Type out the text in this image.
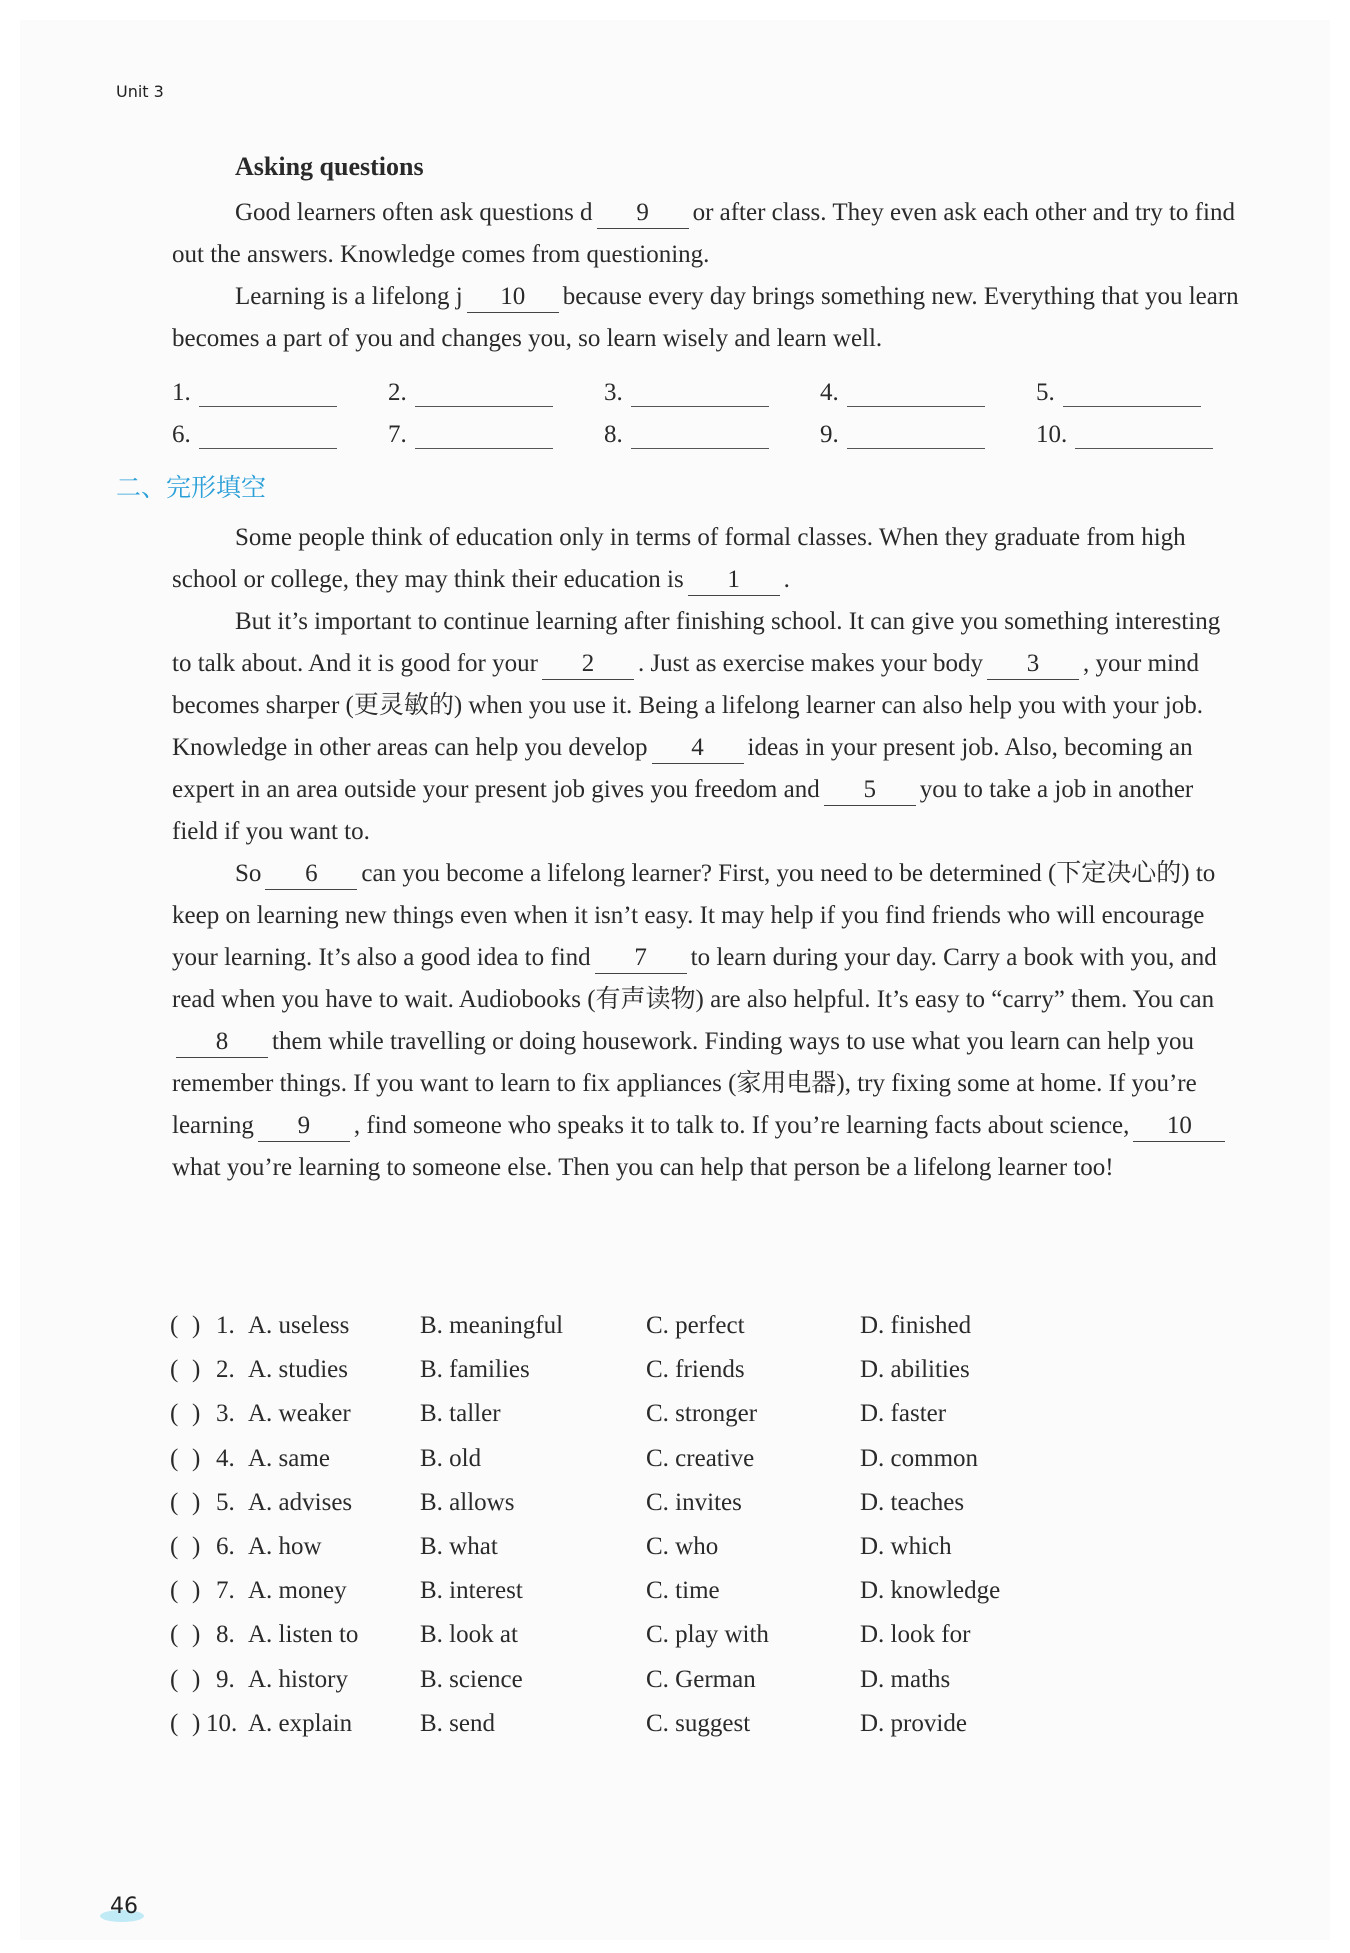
Unit 3
Asking questions

Good learners often ask questions d 9 or after class. They even ask each other and try to find out the answers. Knowledge comes from questioning.

Learning is a lifelong j 10 because every day brings something new. Everything that you learn becomes a part of you and changes you, so learn wisely and learn well.

1.	2.	3.	4.	5.
6.	7.	8.	9.	10.
二、完形填空

Some people think of education only in terms of formal classes. When they graduate from high school or college, they may think their education is 1 .

But it’s important to continue learning after finishing school. It can give you something interesting to talk about. And it is good for your 2 . Just as exercise makes your body 3 , your mind becomes sharper (更灵敏的) when you use it. Being a lifelong learner can also help you with your job. Knowledge in other areas can help you develop 4 ideas in your present job. Also, becoming an expert in an area outside your present job gives you freedom and 5 you to take a job in another field if you want to.

So 6 can you become a lifelong learner? First, you need to be determined (下定决心的) to keep on learning new things even when it isn’t easy. It may help if you find friends who will encourage your learning. It’s also a good idea to find 7 to learn during your day. Carry a book with you, and read when you have to wait. Audiobooks (有声读物) are also helpful. It’s easy to “carry” them. You can8 them while travelling or doing housework. Finding ways to use what you learn can help you remember things. If you want to learn to fix appliances (家用电器), try fixing some at home. If you’re learning 9 , find someone who speaks it to talk to. If you’re learning facts about science, 10what you’re learning to someone else. Then you can help that person be a lifelong learner too!

( ) 1. A. useless	B. meaningful	C. perfect	D. finished
( ) 2. A. studies	B. families	C. friends	D. abilities
( ) 3. A. weaker	B. taller	C. stronger	D. faster
( ) 4. A. same	B. old	C. creative	D. common
( ) 5. A. advises	B. allows	C. invites	D. teaches
( ) 6. A. how	B. what	C. who	D. which
( ) 7. A. money	B. interest	C. time	D. knowledge
( ) 8. A. listen to B. look at	C. play with	D. look for
( ) 9. A. history	B. science	C. German	D. maths
( ) 10. A. explain	B. send	C. suggest	D. provide
46
